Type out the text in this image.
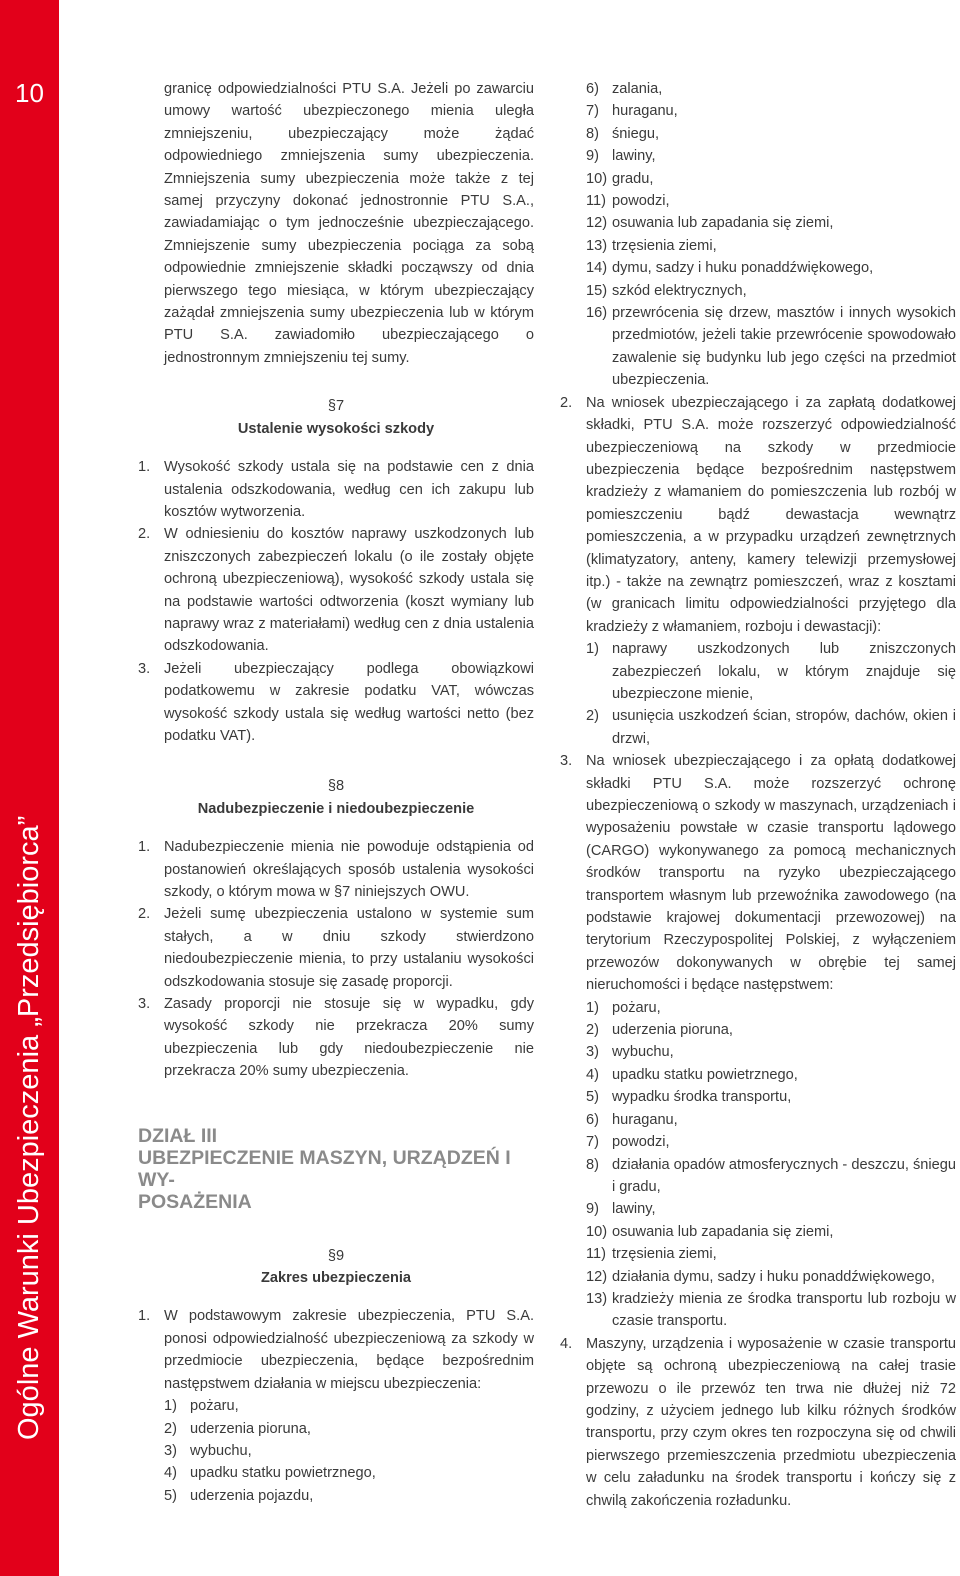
10
Ogólne Warunki Ubezpieczenia „Przedsiębiorca”

granicę odpowiedzialności PTU S.A. Jeżeli po zawarciu umowy wartość ubezpieczonego mienia uległa zmniejszeniu, ubezpieczający może żądać odpowiedniego zmniejszenia sumy ubezpieczenia. Zmniejszenia sumy ubezpieczenia może także z tej samej przyczyny dokonać jednostronnie PTU S.A., zawiadamiając o tym jednocześnie ubezpieczającego. Zmniejszenie sumy ubezpieczenia pociąga za sobą odpowiednie zmniejszenie składki począwszy od dnia pierwszego tego miesiąca, w którym ubezpieczający zażądał zmniejszenia sumy ubezpieczenia lub w którym PTU S.A. zawiadomiło ubezpieczającego o jednostronnym zmniejszeniu tej sumy.

§7
Ustalenie wysokości szkody
1. Wysokość szkody ustala się na podstawie cen z dnia ustalenia odszkodowania, według cen ich zakupu lub kosztów wytworzenia.
2. W odniesieniu do kosztów naprawy uszkodzonych lub zniszczonych zabezpieczeń lokalu (o ile zostały objęte ochroną ubezpieczeniową), wysokość szkody ustala się na podstawie wartości odtworzenia (koszt wymiany lub naprawy wraz z materiałami) według cen z dnia ustalenia odszkodowania.
3. Jeżeli ubezpieczający podlega obowiązkowi podatkowemu w zakresie podatku VAT, wówczas wysokość szkody ustala się według wartości netto (bez podatku VAT).
§8
Nadubezpieczenie i niedoubezpieczenie
1. Nadubezpieczenie mienia nie powoduje odstąpienia od postanowień określających sposób ustalenia wysokości szkody, o którym mowa w §7 niniejszych OWU.
2. Jeżeli sumę ubezpieczenia ustalono w systemie sum stałych, a w dniu szkody stwierdzono niedoubezpieczenie mienia, to przy ustalaniu wysokości odszkodowania stosuje się zasadę proporcji.
3. Zasady proporcji nie stosuje się w wypadku, gdy wysokość szkody nie przekracza 20% sumy ubezpieczenia lub gdy niedoubezpieczenie nie przekracza 20% sumy ubezpieczenia.
DZIAŁ III
UBEZPIECZENIE MASZYN, URZĄDZEŃ I WY-
POSAŻENIA
§9
Zakres ubezpieczenia
1. W podstawowym zakresie ubezpieczenia, PTU S.A. ponosi odpowiedzialność ubezpieczeniową za szkody w przedmiocie ubezpieczenia, będące bezpośrednim następstwem działania w miejscu ubezpieczenia:
1) pożaru,
2) uderzenia pioruna,
3) wybuchu,
4) upadku statku powietrznego,
5) uderzenia pojazdu,
6) zalania,
7) huraganu,
8) śniegu,
9) lawiny,
10) gradu,
11) powodzi,
12) osuwania lub zapadania się ziemi,
13) trzęsienia ziemi,
14) dymu, sadzy i huku ponaddźwiękowego,
15) szkód elektrycznych,
16) przewrócenia się drzew, masztów i innych wysokich przedmiotów, jeżeli takie przewrócenie spowodowało zawalenie się budynku lub jego części na przedmiot ubezpieczenia.
2. Na wniosek ubezpieczającego i za zapłatą dodatkowej składki, PTU S.A. może rozszerzyć odpowiedzialność ubezpieczeniową na szkody w przedmiocie ubezpieczenia będące bezpośrednim następstwem kradzieży z włamaniem do pomieszczenia lub rozbój w pomieszczeniu bądź dewastacja wewnątrz pomieszczenia, a w przypadku urządzeń zewnętrznych (klimatyzatory, anteny, kamery telewizji przemysłowej itp.) - także na zewnątrz pomieszczeń, wraz z kosztami (w granicach limitu odpowiedzialności przyjętego dla kradzieży z włamaniem, rozboju i dewastacji):
1) naprawy uszkodzonych lub zniszczonych zabezpieczeń lokalu, w którym znajduje się ubezpieczone mienie,
2) usunięcia uszkodzeń ścian, stropów, dachów, okien i drzwi,
3. Na wniosek ubezpieczającego i za opłatą dodatkowej składki PTU S.A. może rozszerzyć ochronę ubezpieczeniową o szkody w maszynach, urządzeniach i wyposażeniu powstałe w czasie transportu lądowego (CARGO) wykonywanego za pomocą mechanicznych środków transportu na ryzyko ubezpieczającego transportem własnym lub przewoźnika zawodowego (na podstawie krajowej dokumentacji przewozowej) na terytorium Rzeczypospolitej Polskiej, z wyłączeniem przewozów dokonywanych w obrębie tej samej nieruchomości i będące następstwem:
1) pożaru,
2) uderzenia pioruna,
3) wybuchu,
4) upadku statku powietrznego,
5) wypadku środka transportu,
6) huraganu,
7) powodzi,
8) działania opadów atmosferycznych - deszczu, śniegu i gradu,
9) lawiny,
10) osuwania lub zapadania się ziemi,
11) trzęsienia ziemi,
12) działania dymu, sadzy i huku ponaddźwiękowego,
13) kradzieży mienia ze środka transportu lub rozboju w czasie transportu.
4. Maszyny, urządzenia i wyposażenie w czasie transportu objęte są ochroną ubezpieczeniową na całej trasie przewozu o ile przewóz ten trwa nie dłużej niż 72 godziny, z użyciem jednego lub kilku różnych środków transportu, przy czym okres ten rozpoczyna się od chwili pierwszego przemieszczenia przedmiotu ubezpieczenia w celu załadunku na środek transportu i kończy się z chwilą zakończenia rozładunku.
